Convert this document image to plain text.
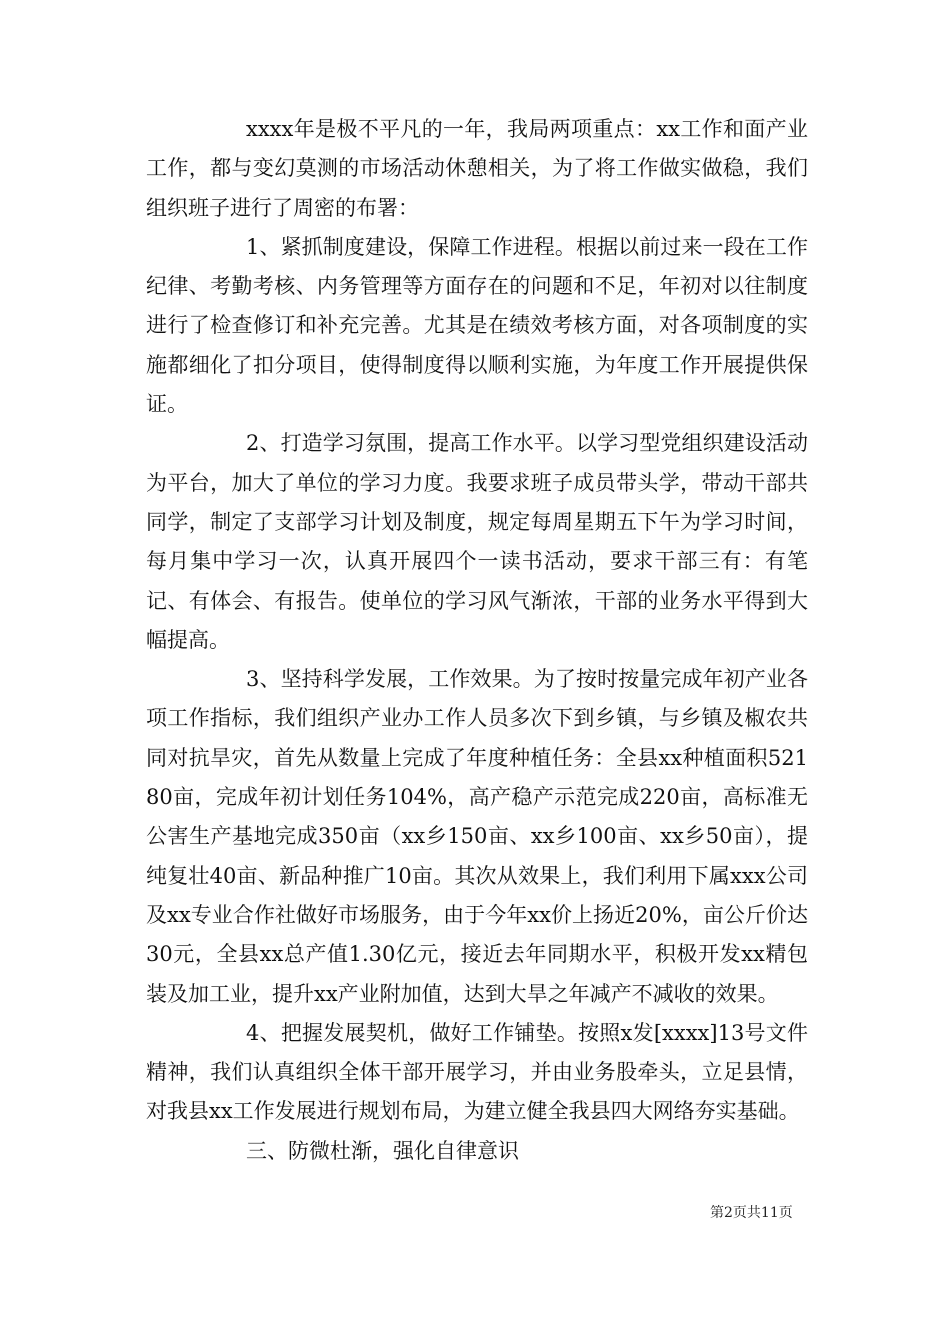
xxxx年是极不平凡的一年，我局两项重点：xx工作和面产业工作，都与变幻莫测的市场活动休憩相关，为了将工作做实做稳，我们组织班子进行了周密的布署：

1、紧抓制度建设，保障工作进程。根据以前过来一段在工作纪律、考勤考核、内务管理等方面存在的问题和不足，年初对以往制度进行了检查修订和补充完善。尤其是在绩效考核方面，对各项制度的实施都细化了扣分项目，使得制度得以顺利实施，为年度工作开展提供保证。

2、打造学习氛围，提高工作水平。以学习型党组织建设活动为平台，加大了单位的学习力度。我要求班子成员带头学，带动干部共同学，制定了支部学习计划及制度，规定每周星期五下午为学习时间，每月集中学习一次，认真开展四个一读书活动，要求干部三有：有笔记、有体会、有报告。使单位的学习风气渐浓，干部的业务水平得到大幅提高。

3、坚持科学发展，工作效果。为了按时按量完成年初产业各项工作指标，我们组织产业办工作人员多次下到乡镇，与乡镇及椒农共同对抗旱灾，首先从数量上完成了年度种植任务：全县xx种植面积52180亩，完成年初计划任务104%，高产稳产示范完成220亩，高标准无公害生产基地完成350亩（xx乡150亩、xx乡100亩、xx乡50亩），提纯复壮40亩、新品种推广10亩。其次从效果上，我们利用下属xxx公司及xx专业合作社做好市场服务，由于今年xx价上扬近20%，亩公斤价达30元，全县xx总产值1.30亿元，接近去年同期水平，积极开发xx精包装及加工业，提升xx产业附加值，达到大旱之年减产不减收的效果。

4、把握发展契机，做好工作铺垫。按照x发[xxxx]13号文件精神，我们认真组织全体干部开展学习，并由业务股牵头，立足县情，对我县xx工作发展进行规划布局，为建立健全我县四大网络夯实基础。

三、防微杜渐，强化自律意识

第2页共11页
